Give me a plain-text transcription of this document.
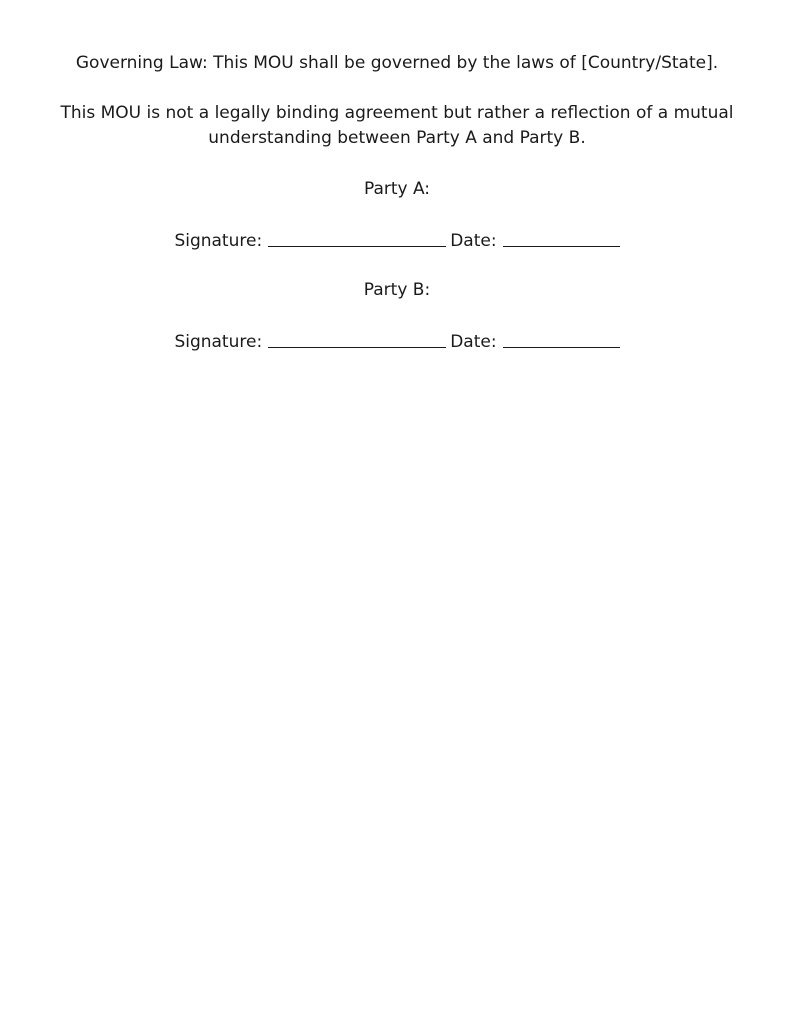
Governing Law: This MOU shall be governed by the laws of [Country/State].
This MOU is not a legally binding agreement but rather a reflection of a mutual
understanding between Party A and Party B.
Party A:
Signature:	Date:
Party B:
Signature:	Date:
